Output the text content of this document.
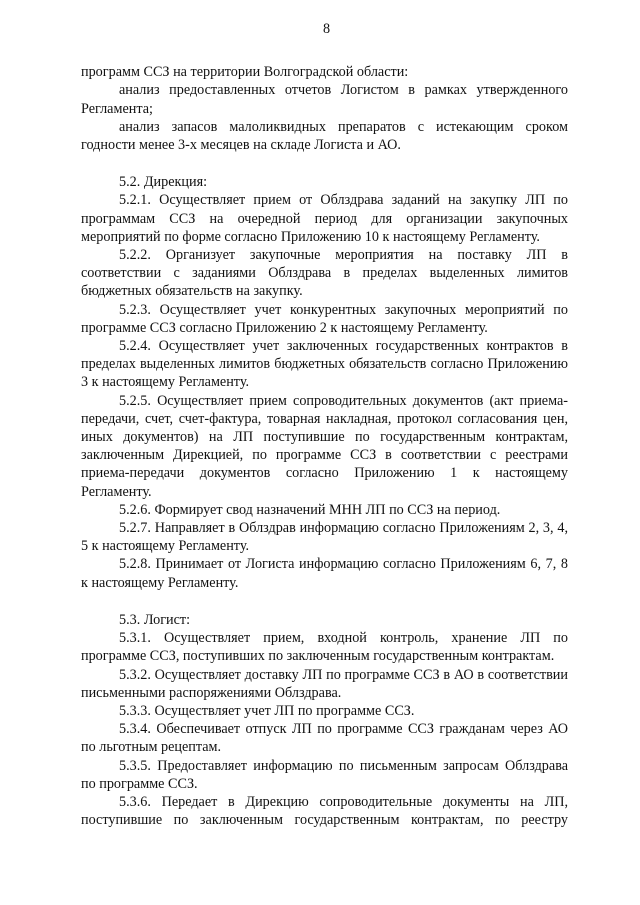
8

программ ССЗ на территории Волгоградской области:

анализ предоставленных отчетов Логистом в рамках утвержденного Регламента;

анализ запасов малоликвидных препаратов с истекающим сроком годности менее 3-х месяцев на складе Логиста и АО.

5.2. Дирекция:

5.2.1. Осуществляет прием от Облздрава заданий на закупку ЛП по программам ССЗ на очередной период для организации закупочных мероприятий по форме согласно Приложению 10 к настоящему Регламенту.

5.2.2. Организует закупочные мероприятия на поставку ЛП в соответствии с заданиями Облздрава в пределах выделенных лимитов бюджетных обязательств на закупку.

5.2.3. Осуществляет учет конкурентных закупочных мероприятий по программе ССЗ согласно Приложению 2 к настоящему Регламенту.

5.2.4. Осуществляет учет заключенных государственных контрактов в пределах выделенных лимитов бюджетных обязательств согласно Приложению 3 к настоящему Регламенту.

5.2.5. Осуществляет прием сопроводительных документов (акт приема-передачи, счет, счет-фактура, товарная накладная, протокол согласования цен, иных документов) на ЛП поступившие по государственным контрактам, заключенным Дирекцией, по программе ССЗ в соответствии с реестрами приема-передачи документов согласно Приложению 1 к настоящему Регламенту.

5.2.6. Формирует свод назначений МНН ЛП по ССЗ на период.

5.2.7. Направляет в Облздрав информацию согласно Приложениям 2, 3, 4, 5 к настоящему Регламенту.

5.2.8. Принимает от Логиста информацию согласно Приложениям 6, 7, 8 к настоящему Регламенту.

5.3. Логист:

5.3.1. Осуществляет прием, входной контроль, хранение ЛП по программе ССЗ, поступивших по заключенным государственным контрактам.

5.3.2. Осуществляет доставку ЛП по программе ССЗ в АО в соответствии письменными распоряжениями Облздрава.

5.3.3. Осуществляет учет ЛП по программе ССЗ.

5.3.4. Обеспечивает отпуск ЛП по программе ССЗ гражданам через АО по льготным рецептам.

5.3.5. Предоставляет информацию по письменным запросам Облздрава по программе ССЗ.

5.3.6. Передает в Дирекцию сопроводительные документы на ЛП, поступившие по заключенным государственным контрактам, по реестру
